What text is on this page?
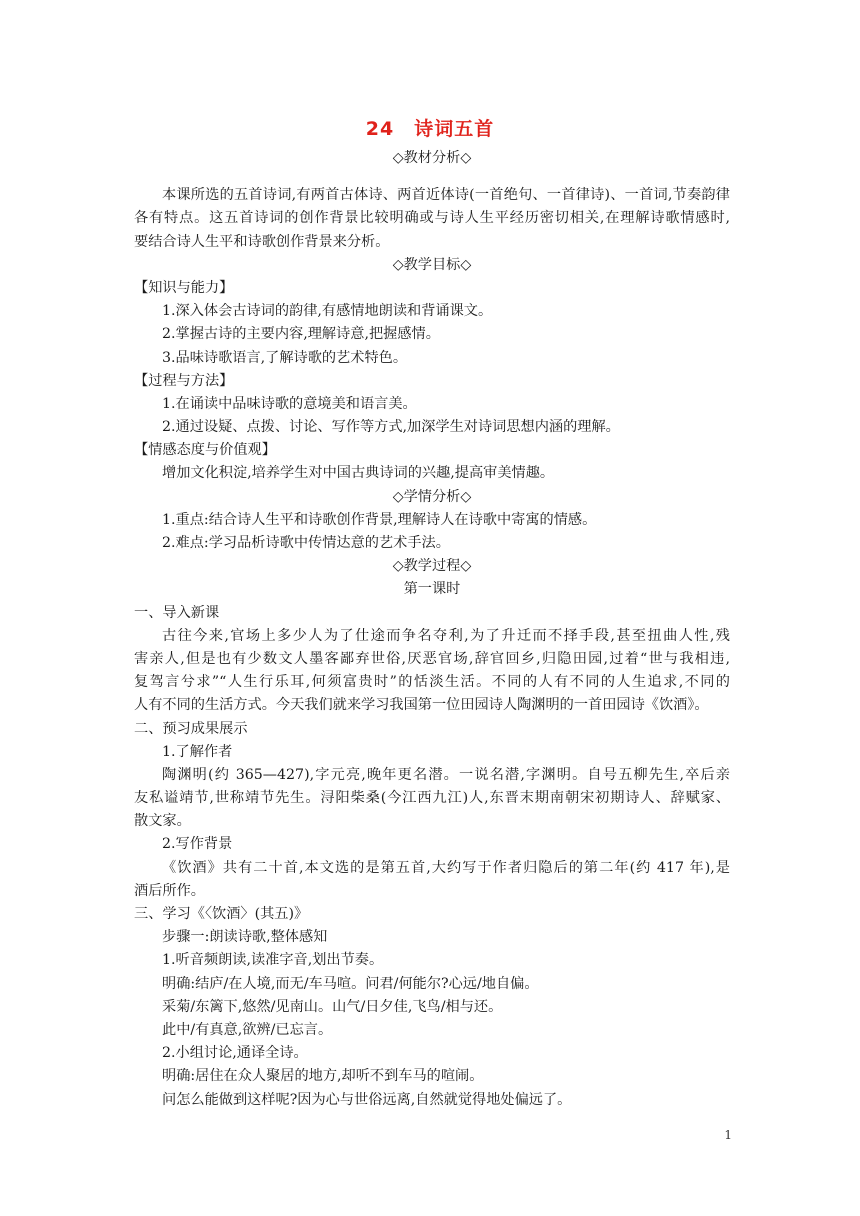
24　诗词五首
◇教材分析◇
本课所选的五首诗词,有两首古体诗、两首近体诗(一首绝句、一首律诗)、一首词,节奏韵律
各有特点。这五首诗词的创作背景比较明确或与诗人生平经历密切相关,在理解诗歌情感时,
要结合诗人生平和诗歌创作背景来分析。
◇教学目标◇
【知识与能力】
1.深入体会古诗词的韵律,有感情地朗读和背诵课文。
2.掌握古诗的主要内容,理解诗意,把握感情。
3.品味诗歌语言,了解诗歌的艺术特色。
【过程与方法】
1.在诵读中品味诗歌的意境美和语言美。
2.通过设疑、点拨、讨论、写作等方式,加深学生对诗词思想内涵的理解。
【情感态度与价值观】
增加文化积淀,培养学生对中国古典诗词的兴趣,提高审美情趣。
◇学情分析◇
1.重点:结合诗人生平和诗歌创作背景,理解诗人在诗歌中寄寓的情感。
2.难点:学习品析诗歌中传情达意的艺术手法。
◇教学过程◇
第一课时
一、导入新课
古往今来,官场上多少人为了仕途而争名夺利,为了升迁而不择手段,甚至扭曲人性,残
害亲人,但是也有少数文人墨客鄙弃世俗,厌恶官场,辞官回乡,归隐田园,过着“世与我相违,
复驾言兮求”“人生行乐耳,何须富贵时”的恬淡生活。不同的人有不同的人生追求,不同的
人有不同的生活方式。今天我们就来学习我国第一位田园诗人陶渊明的一首田园诗《饮酒》。
二、预习成果展示
1.了解作者
陶渊明(约 365—427),字元亮,晚年更名潜。一说名潜,字渊明。自号五柳先生,卒后亲
友私谥靖节,世称靖节先生。浔阳柴桑(今江西九江)人,东晋末期南朝宋初期诗人、辞赋家、
散文家。
2.写作背景
《饮酒》共有二十首,本文选的是第五首,大约写于作者归隐后的第二年(约 417 年),是
酒后所作。
三、学习《〈饮酒〉(其五)》
步骤一:朗读诗歌,整体感知
1.听音频朗读,读准字音,划出节奏。
明确:结庐/在人境,而无/车马喧。问君/何能尔?心远/地自偏。
采菊/东篱下,悠然/见南山。山气/日夕佳,飞鸟/相与还。
此中/有真意,欲辨/已忘言。
2.小组讨论,通译全诗。
明确:居住在众人聚居的地方,却听不到车马的喧闹。
问怎么能做到这样呢?因为心与世俗远离,自然就觉得地处偏远了。
1
